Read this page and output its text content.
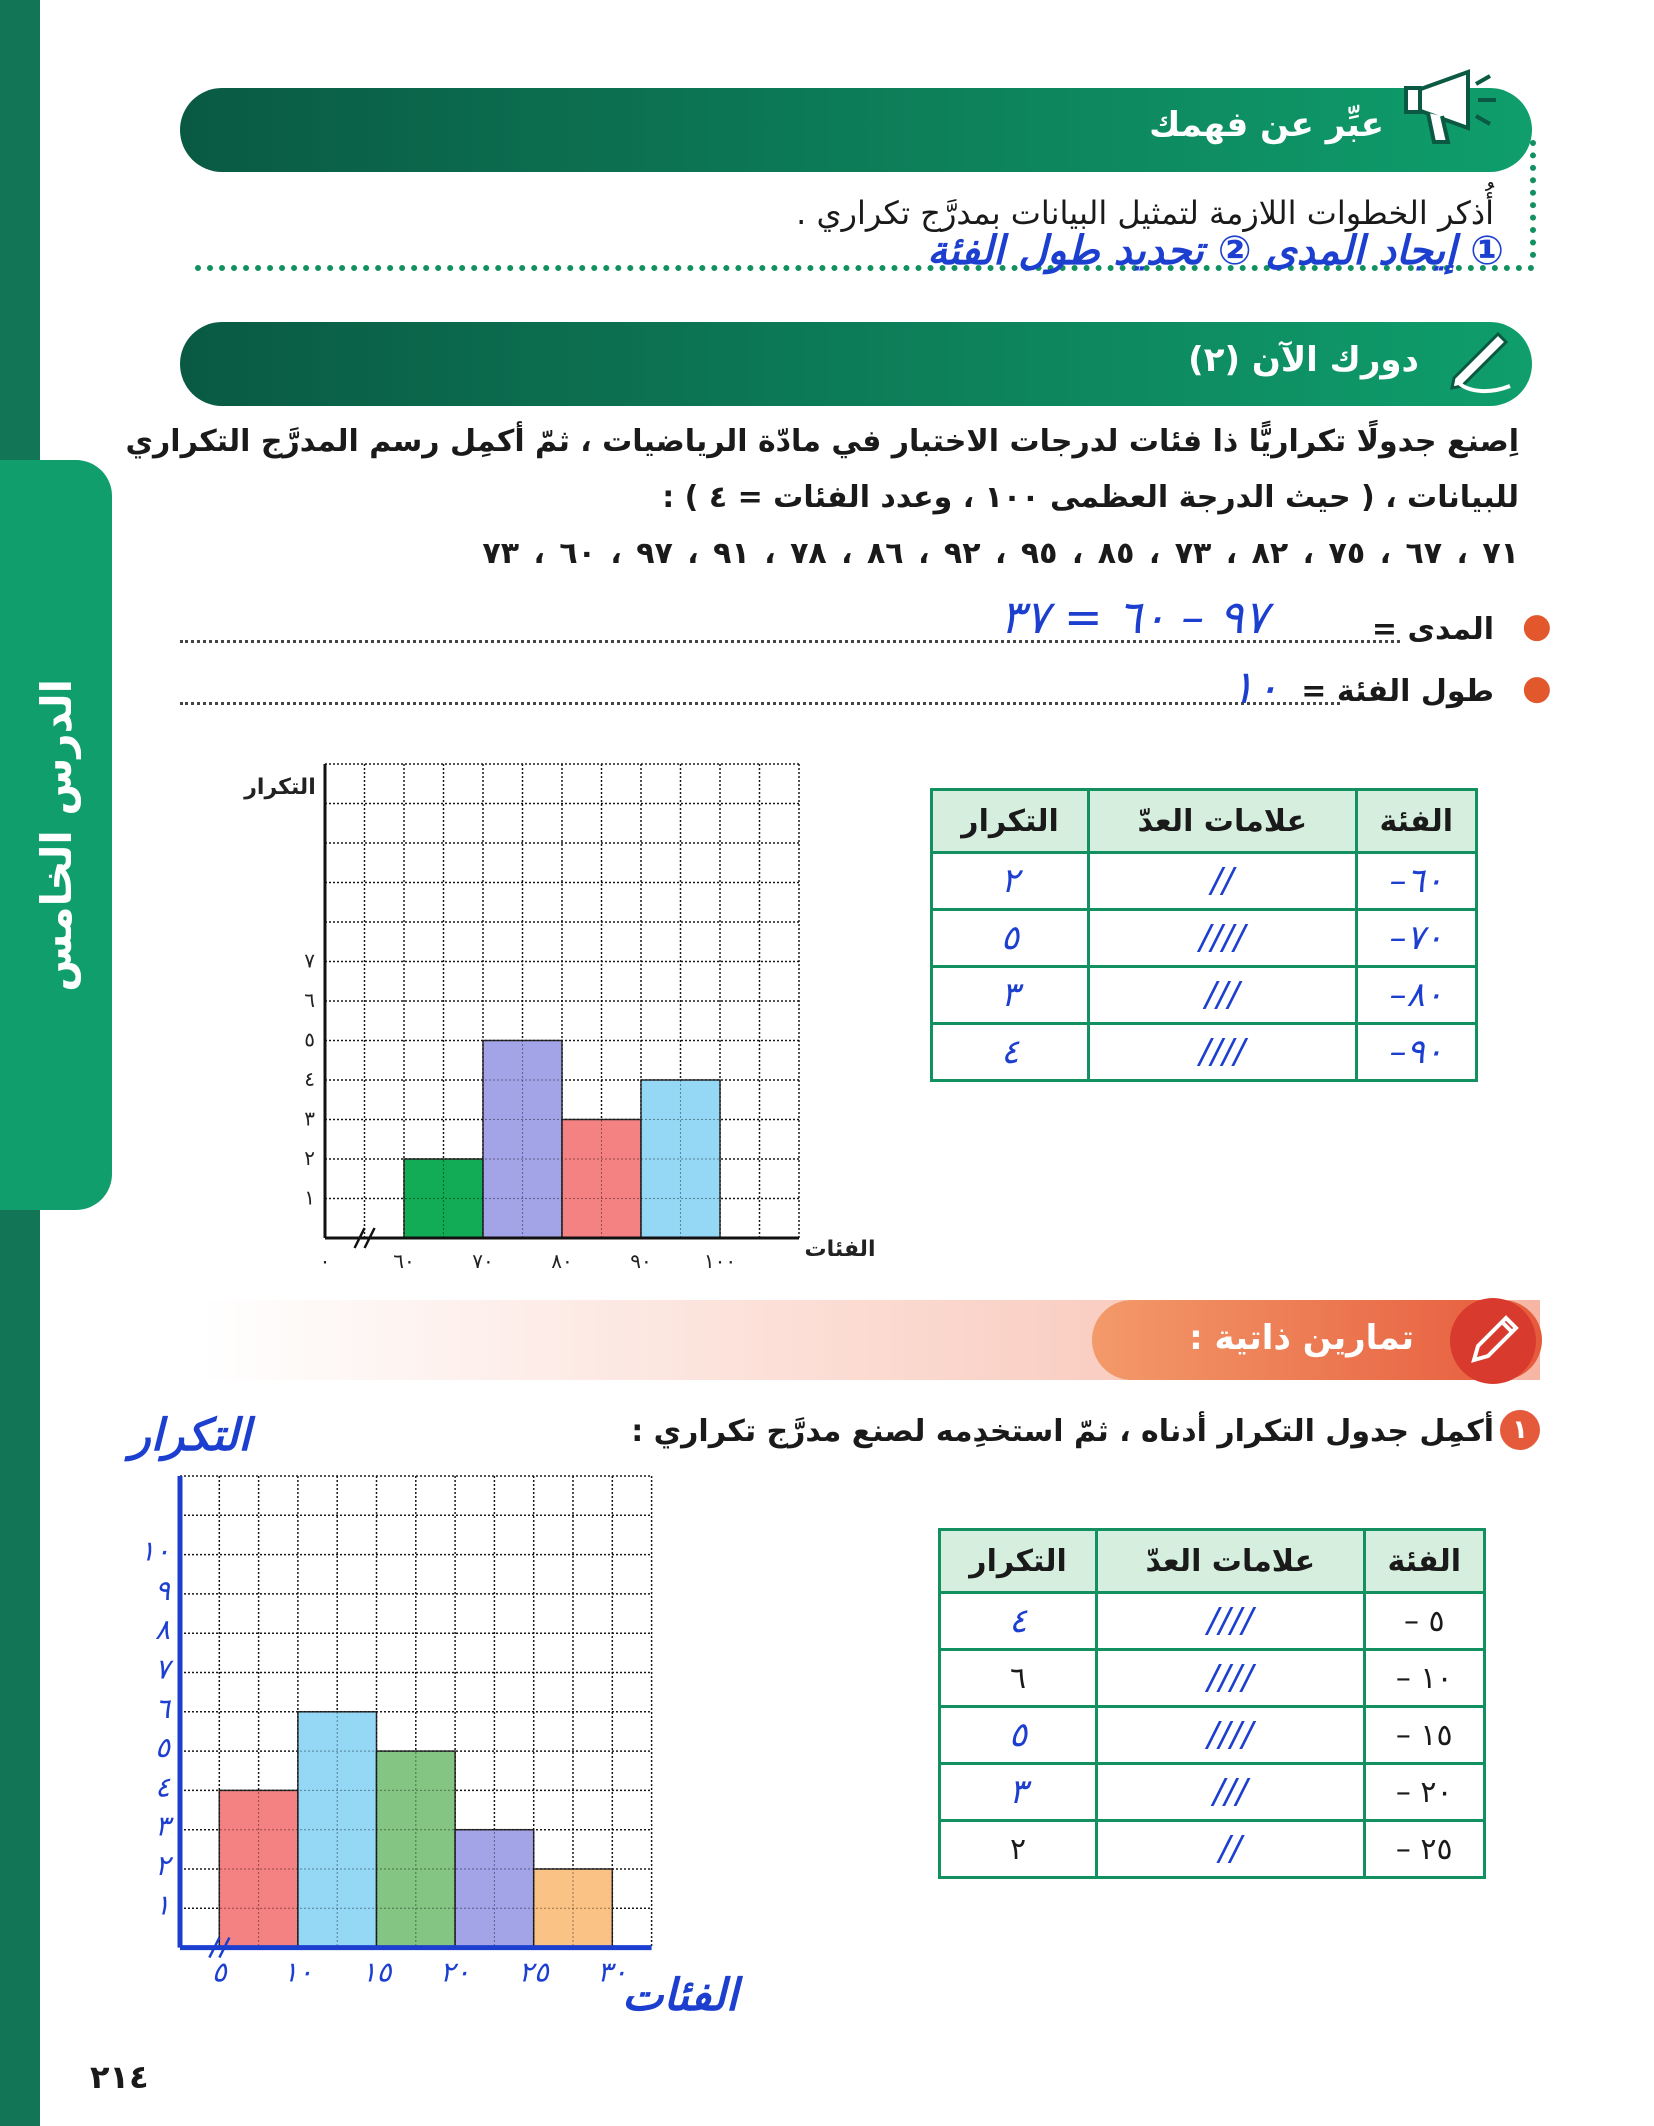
الدرس الخامس
عبِّر عن فهمك
أُذكر الخطوات اللازمة لتمثيل البيانات بمدرَّج تكراري .
① إيجاد المدى ② تحديد طول الفئة
دورك الآن (٢)
اِصنع جدولًا تكراريًّا ذا فئات لدرجات الاختبار في مادّة الرياضيات ، ثمّ أكمِل رسم المدرَّج التكراري
للبيانات ، ( حيث الدرجة العظمى ١٠٠ ، وعدد الفئات = ٤ ) :
٧١ ، ٦٧ ، ٧٥ ، ٨٢ ، ٧٣ ، ٨٥ ، ٩٥ ، ٩٢ ، ٨٦ ، ٧٨ ، ٩١ ، ٩٧ ، ٦٠ ، ٧٣
●
المدى =
٩٧ – ٦٠ = ٣٧
●
طول الفئة =
١٠
١
٢
٣
٤
٥
٦
٧
٠	٦٠	٧٠	٨٠	٩٠	١٠٠
التكرار
الفئات
الفئة	علامات العدّ	التكرار
٦٠–	//	٢
٧٠–	////	٥
٨٠–	///	٣
٩٠–	////	٤
تمارين ذاتية :
١
أكمِل جدول التكرار أدناه ، ثمّ استخدِمه لصنع مدرَّج تكراري :
١
٢
٣
٤
٥
٦
٧
٨
٩
١٠
٥ ١٠ ١٥ ٢٠ ٢٥ ٣٠
التكرار
الفئات
الفئة	علامات العدّ	التكرار
٥ –	////	٤
١٠ –	////	٦
١٥ –	////	٥
٢٠ –	///	٣
٢٥ –	//	٢
٢١٤
